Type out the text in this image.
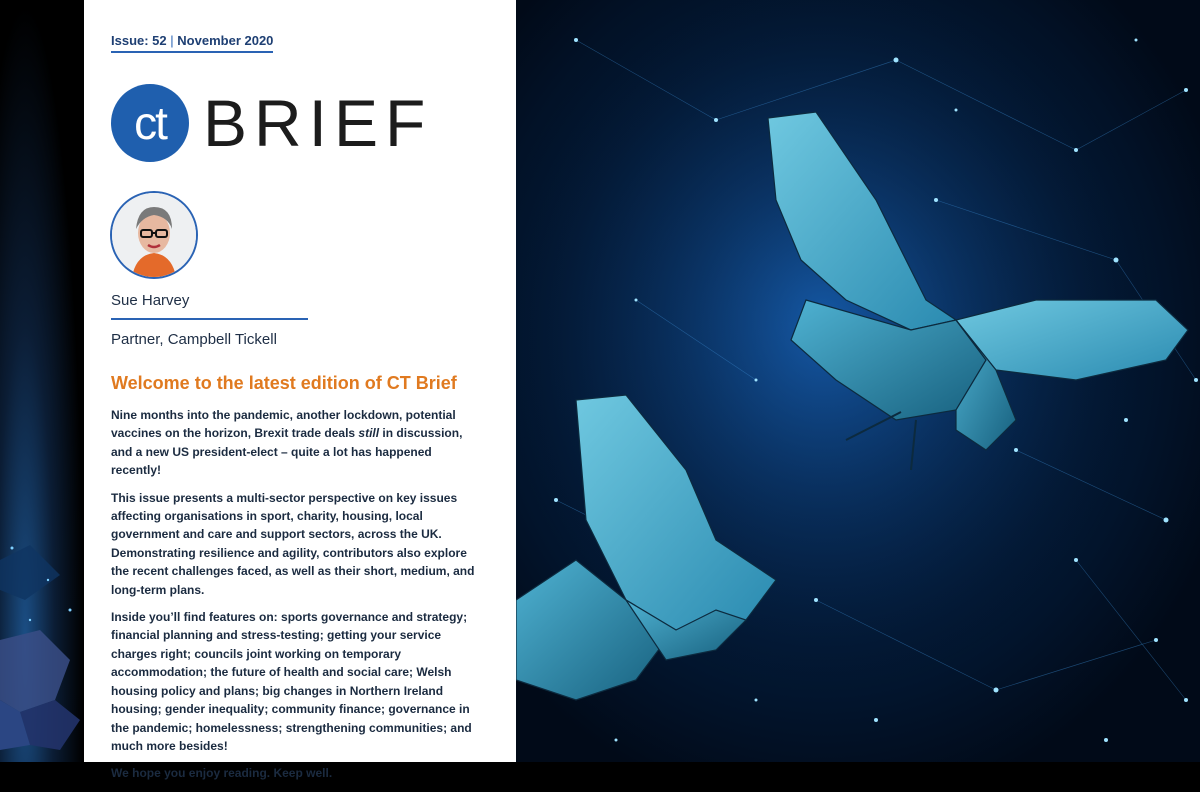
Issue: 52 | November 2020
ct BRIEF
Sue Harvey
Partner, Campbell Tickell
Welcome to the latest edition of CT Brief

Nine months into the pandemic, another lockdown, potential vaccines on the horizon, Brexit trade deals still in discussion, and a new US president-elect – quite a lot has happened recently!

This issue presents a multi-sector perspective on key issues affecting organisations in sport, charity, housing, local government and care and support sectors, across the UK. Demonstrating resilience and agility, contributors also explore the recent challenges faced, as well as their short, medium, and long-term plans.

Inside you’ll find features on: sports governance and strategy; financial planning and stress-testing; getting your service charges right; councils joint working on temporary accommodation; the future of health and social care; Welsh housing policy and plans; big changes in Northern Ireland housing; gender inequality; community finance; governance in the pandemic; homelessness; strengthening communities; and much more besides!

We hope you enjoy reading. Keep well.
